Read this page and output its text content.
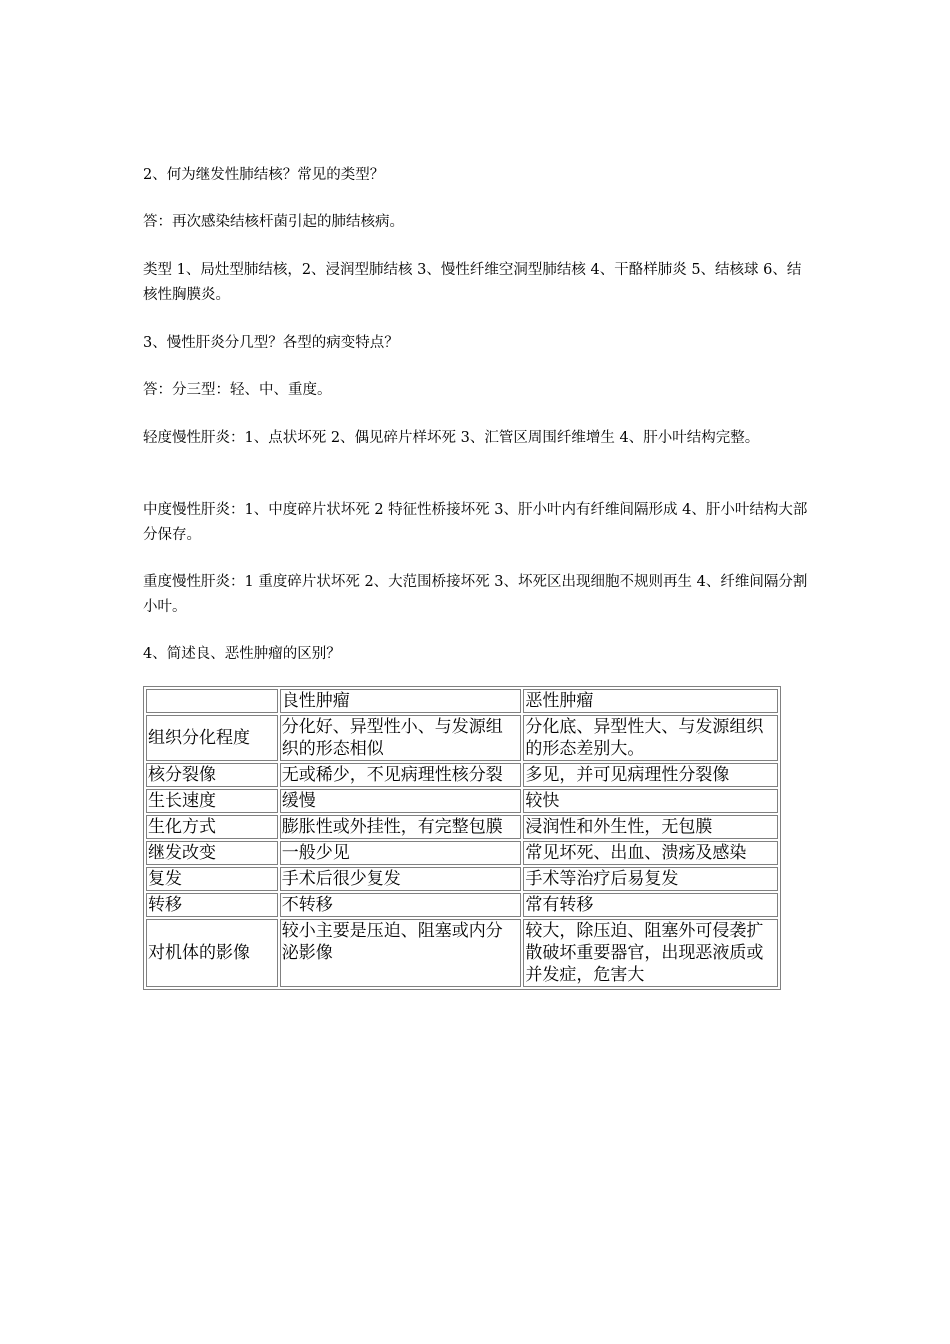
2、何为继发性肺结核？常见的类型？

答：再次感染结核杆菌引起的肺结核病。

类型 1、局灶型肺结核，2、浸润型肺结核 3、慢性纤维空洞型肺结核 4、干酪样肺炎 5、结核球 6、结核性胸膜炎。

3、慢性肝炎分几型？各型的病变特点？

答：分三型：轻、中、重度。

轻度慢性肝炎：1、点状坏死 2、偶见碎片样坏死 3、汇管区周围纤维增生 4、肝小叶结构完整。

中度慢性肝炎：1、中度碎片状坏死 2 特征性桥接坏死 3、肝小叶内有纤维间隔形成 4、肝小叶结构大部分保存。

重度慢性肝炎：1 重度碎片状坏死 2、大范围桥接坏死 3、坏死区出现细胞不规则再生 4、纤维间隔分割小叶。

4、简述良、恶性肿瘤的区别？

	良性肿瘤	恶性肿瘤
组织分化程度	分化好、异型性小、与发源组织的形态相似	分化底、异型性大、与发源组织的形态差别大。
核分裂像	无或稀少，不见病理性核分裂	多见，并可见病理性分裂像
生长速度	缓慢	较快
生化方式	膨胀性或外挂性，有完整包膜	浸润性和外生性，无包膜
继发改变	一般少见	常见坏死、出血、溃疡及感染
复发	手术后很少复发	手术等治疗后易复发
转移	不转移	常有转移
对机体的影像	较小主要是压迫、阻塞或内分泌影像	较大，除压迫、阻塞外可侵袭扩散破坏重要器官，出现恶液质或并发症，危害大
